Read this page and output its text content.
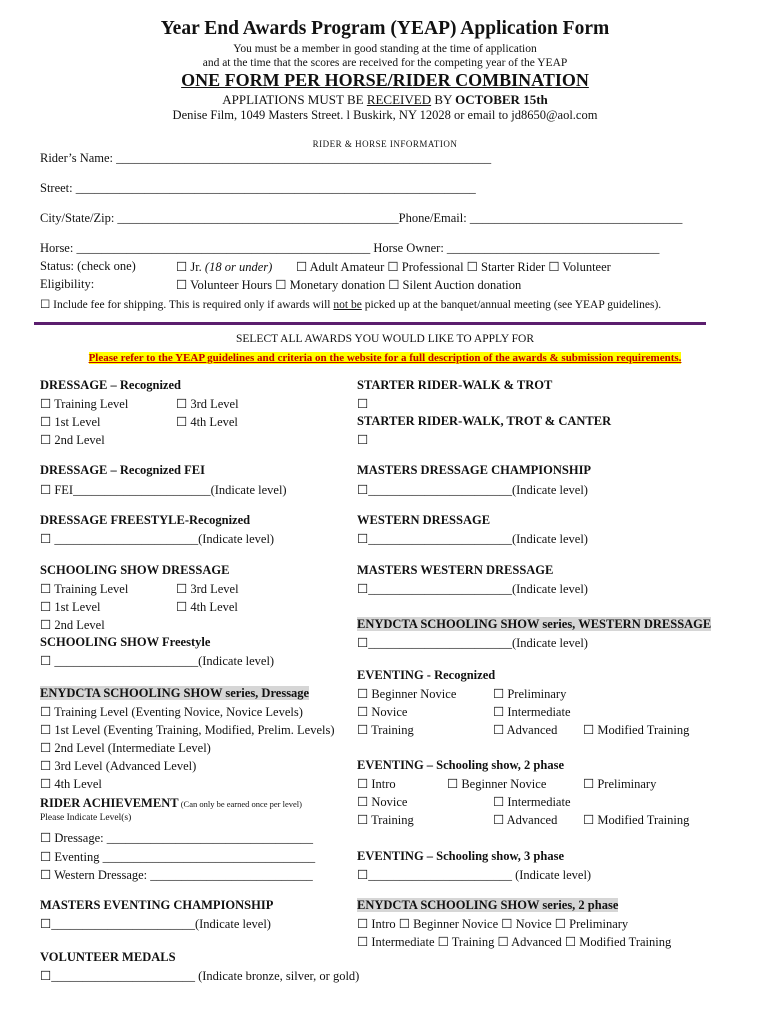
Year End Awards Program (YEAP) Application Form
You must be a member in good standing at the time of application
and at the time that the scores are received for the competing year of the YEAP
ONE FORM PER HORSE/RIDER COMBINATION
APPLIATIONS MUST BE RECEIVED BY OCTOBER 15th
Denise Film, 1049 Masters Street. l Buskirk, NY 12028 or email to jd8650@aol.com
RIDER & HORSE INFORMATION
Rider’s Name: ____________________________________________________________
Street: ________________________________________________________________
City/State/Zip: _____________________________________________Phone/Email: __________________________________
Horse: _______________________________________________ Horse Owner: __________________________________
Status: (check one)	☐ Jr. (18 or under) ☐ Adult Amateur ☐ Professional ☐ Starter Rider ☐ Volunteer
Eligibility:	☐ Volunteer Hours ☐ Monetary donation ☐ Silent Auction donation
☐ Include fee for shipping. This is required only if awards will not be picked up at the banquet/annual meeting (see YEAP guidelines).
SELECT ALL AWARDS YOU WOULD LIKE TO APPLY FOR
Please refer to the YEAP guidelines and criteria on the website for a full description of the awards & submission requirements.
DRESSAGE – Recognized
☐ Training Level	☐ 3rd Level
☐ 1st Level	☐ 4th Level
☐ 2nd Level
DRESSAGE – Recognized FEI
☐ FEI______________________(Indicate level)
DRESSAGE FREESTYLE-Recognized
☐ _______________________(Indicate level)
SCHOOLING SHOW DRESSAGE
☐ Training Level	☐ 3rd Level
☐ 1st Level	☐ 4th Level
☐ 2nd Level
SCHOOLING SHOW Freestyle
☐ _______________________(Indicate level)
ENYDCTA SCHOOLING SHOW series, Dressage
☐ Training Level (Eventing Novice, Novice Levels)
☐ 1st Level (Eventing Training, Modified, Prelim. Levels)
☐ 2nd Level (Intermediate Level)
☐ 3rd Level (Advanced Level)
☐ 4th Level
RIDER ACHIEVEMENT (Can only be earned once per level)
Please Indicate Level(s)
☐ Dressage: _________________________________
☐ Eventing __________________________________
☐ Western Dressage: __________________________
MASTERS EVENTING CHAMPIONSHIP
☐_______________________(Indicate level)
VOLUNTEER MEDALS
☐_______________________ (Indicate bronze, silver, or gold)
STARTER RIDER-WALK & TROT
☐
STARTER RIDER-WALK, TROT & CANTER
☐
MASTERS DRESSAGE CHAMPIONSHIP
☐_______________________(Indicate level)
WESTERN DRESSAGE
☐_______________________(Indicate level)
MASTERS WESTERN DRESSAGE
☐_______________________(Indicate level)
ENYDCTA SCHOOLING SHOW series, WESTERN DRESSAGE
☐_______________________(Indicate level)
EVENTING - Recognized
☐ Beginner Novice	☐ Preliminary
☐ Novice	☐ Intermediate
☐ Training	☐ Advanced ☐ Modified Training
EVENTING – Schooling show, 2 phase
☐ Intro	☐ Beginner Novice	☐ Preliminary
☐ Novice	☐ Intermediate
☐ Training	☐ Advanced ☐ Modified Training
EVENTING – Schooling show, 3 phase
☐_______________________ (Indicate level)
ENYDCTA SCHOOLING SHOW series, 2 phase
☐ Intro ☐ Beginner Novice ☐ Novice ☐ Preliminary
☐ Intermediate ☐ Training ☐ Advanced ☐ Modified Training
